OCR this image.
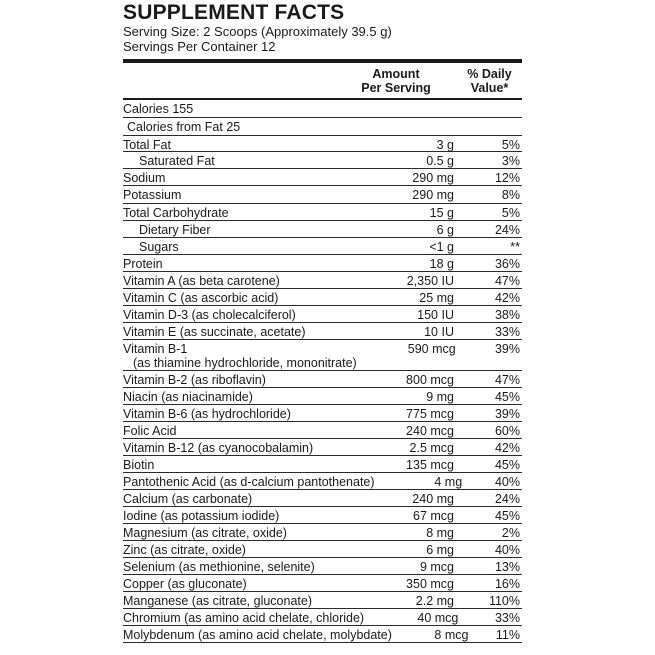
SUPPLEMENT FACTS
Serving Size: 2 Scoops (Approximately 39.5 g)
Servings Per Container 12
Amount
Per Serving
% Daily
Value*
Calories 155
Calories from Fat 25
Total Fat	3 g	5%
Saturated Fat	0.5 g	3%
Sodium	290 mg	12%
Potassium	290 mg	8%
Total Carbohydrate	15 g	5%
Dietary Fiber	6 g	24%
Sugars	<1 g	**
Protein	18 g	36%
Vitamin A (as beta carotene)	2,350 IU	47%
Vitamin C (as ascorbic acid)	25 mg	42%
Vitamin D-3 (as cholecalciferol)	150 IU	38%
Vitamin E (as succinate, acetate)	10 IU	33%
Vitamin B-1
(as thiamine hydrochloride, mononitrate)
590 mcg	39%
Vitamin B-2 (as riboflavin)	800 mcg	47%
Niacin (as niacinamide)	9 mg	45%
Vitamin B-6 (as hydrochloride)	775 mcg	39%
Folic Acid	240 mcg	60%
Vitamin B-12 (as cyanocobalamin)	2.5 mcg	42%
Biotin	135 mcg	45%
Pantothenic Acid (as d-calcium pantothenate)	4 mg	40%
Calcium (as carbonate)	240 mg	24%
Iodine (as potassium iodide)	67 mcg	45%
Magnesium (as citrate, oxide)	8 mg	2%
Zinc (as citrate, oxide)	6 mg	40%
Selenium (as methionine, selenite)	9 mcg	13%
Copper (as gluconate)	350 mcg	16%
Manganese (as citrate, gluconate)	2.2 mg	110%
Chromium (as amino acid chelate, chloride)	40 mcg	33%
Molybdenum (as amino acid chelate, molybdate)	8 mcg	11%
